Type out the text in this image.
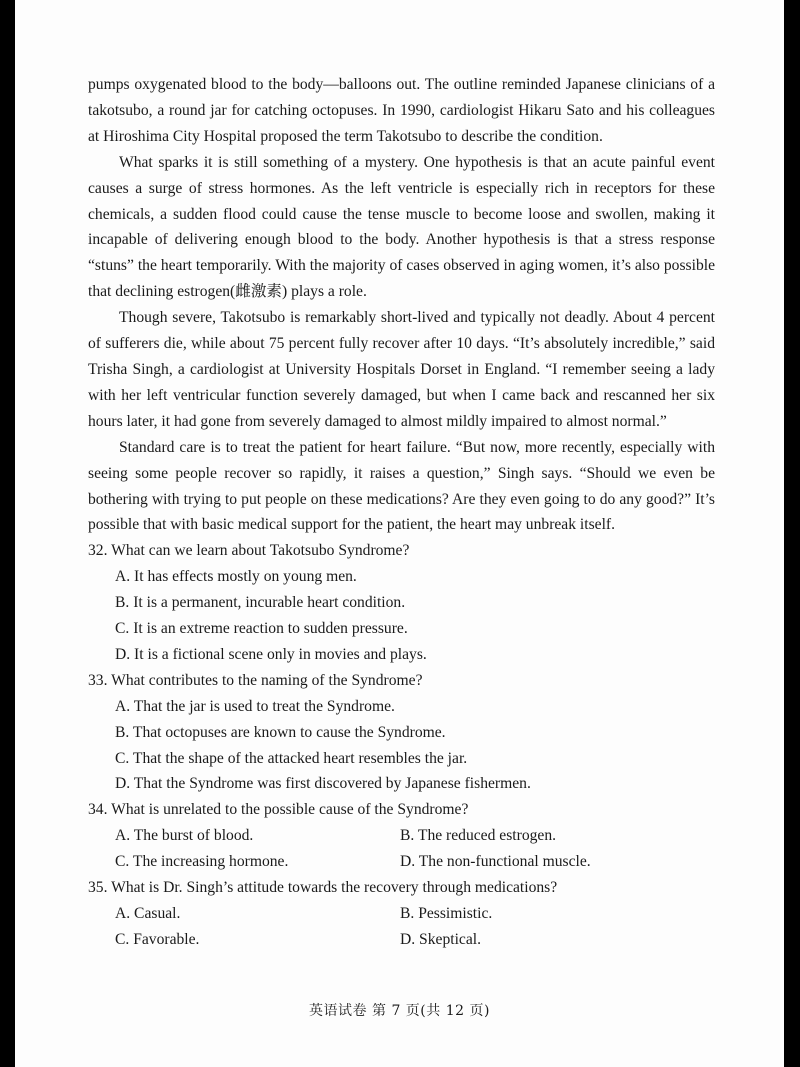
pumps oxygenated blood to the body—balloons out. The outline reminded Japanese clinicians of a takotsubo, a round jar for catching octopuses. In 1990, cardiologist Hikaru Sato and his colleagues at Hiroshima City Hospital proposed the term Takotsubo to describe the condition.

What sparks it is still something of a mystery. One hypothesis is that an acute painful event causes a surge of stress hormones. As the left ventricle is especially rich in receptors for these chemicals, a sudden flood could cause the tense muscle to become loose and swollen, making it incapable of delivering enough blood to the body. Another hypothesis is that a stress response “stuns” the heart temporarily. With the majority of cases observed in aging women, it’s also possible that declining estrogen(雌激素) plays a role.

Though severe, Takotsubo is remarkably short-lived and typically not deadly. About 4 percent of sufferers die, while about 75 percent fully recover after 10 days. “It’s absolutely incredible,” said Trisha Singh, a cardiologist at University Hospitals Dorset in England. “I remember seeing a lady with her left ventricular function severely damaged, but when I came back and rescanned her six hours later, it had gone from severely damaged to almost mildly impaired to almost normal.”

Standard care is to treat the patient for heart failure. “But now, more recently, especially with seeing some people recover so rapidly, it raises a question,” Singh says. “Should we even be bothering with trying to put people on these medications? Are they even going to do any good?” It’s possible that with basic medical support for the patient, the heart may unbreak itself.

32. What can we learn about Takotsubo Syndrome?

A. It has effects mostly on young men.

B. It is a permanent, incurable heart condition.

C. It is an extreme reaction to sudden pressure.

D. It is a fictional scene only in movies and plays.

33. What contributes to the naming of the Syndrome?

A. That the jar is used to treat the Syndrome.

B. That octopuses are known to cause the Syndrome.

C. That the shape of the attacked heart resembles the jar.

D. That the Syndrome was first discovered by Japanese fishermen.

34. What is unrelated to the possible cause of the Syndrome?

A. The burst of blood.	B. The reduced estrogen.
C. The increasing hormone.	D. The non-functional muscle.

35. What is Dr. Singh’s attitude towards the recovery through medications?

A. Casual.	B. Pessimistic.
C. Favorable.	D. Skeptical.
英语试卷 第 7 页(共 12 页)
